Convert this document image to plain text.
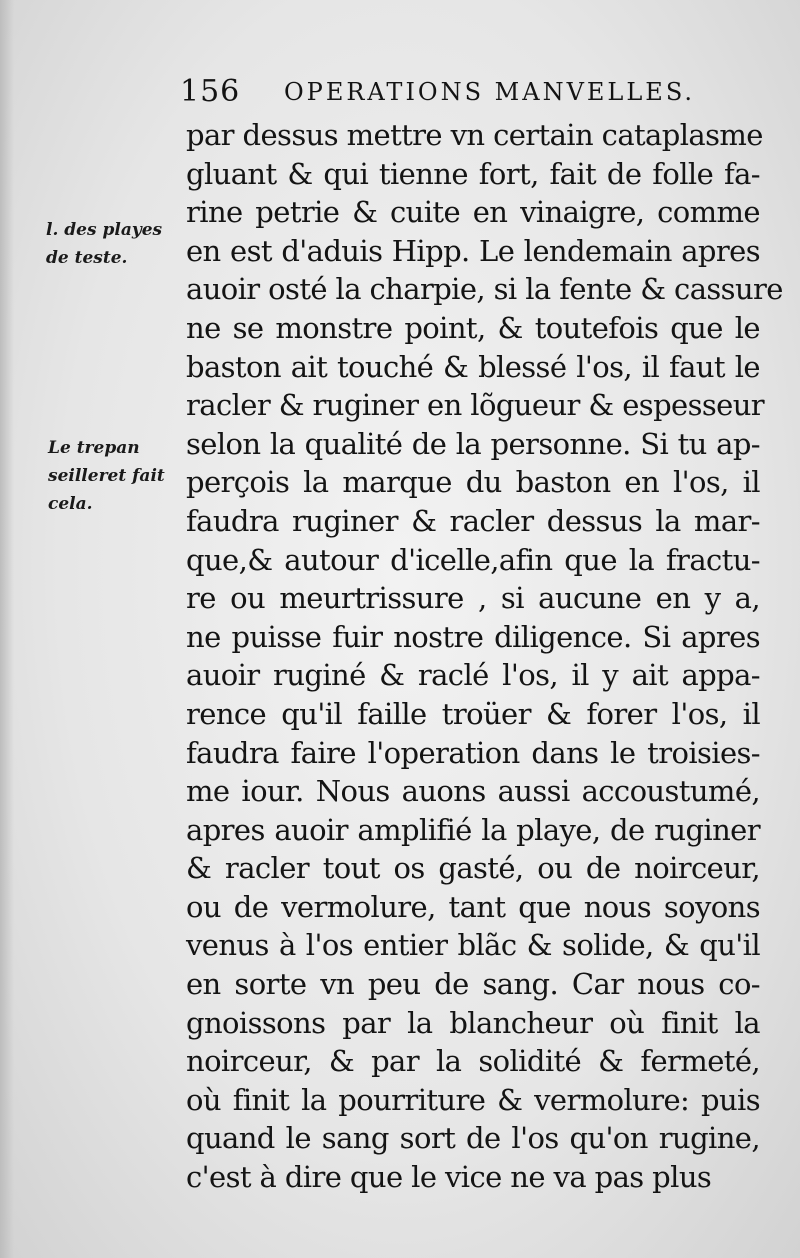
156 OPERATIONS MANVELLES.
l. des playes
de teste.
Le trepan
seilleret fait
cela.
par dessus mettre vn certain cataplasme
gluant & qui tienne fort, fait de folle fa-
rine petrie & cuite en vinaigre, comme
en est d'aduis Hipp. Le lendemain apres
auoir osté la charpie, si la fente & cassure
ne se monstre point, & toutefois que le
baston ait touché & blessé l'os, il faut le
racler & ruginer en lõgueur & espesseur
selon la qualité de la personne. Si tu ap-
perçois la marque du baston en l'os, il
faudra ruginer & racler dessus la mar-
que,& autour d'icelle,afin que la fractu-
re ou meurtrissure , si aucune en y a,
ne puisse fuir nostre diligence. Si apres
auoir ruginé & raclé l'os, il y ait appa-
rence qu'il faille troüer & forer l'os, il
faudra faire l'operation dans le troisies-
me iour. Nous auons aussi accoustumé,
apres auoir amplifié la playe, de ruginer
& racler tout os gasté, ou de noirceur,
ou de vermolure, tant que nous soyons
venus à l'os entier blãc & solide, & qu'il
en sorte vn peu de sang. Car nous co-
gnoissons par la blancheur où finit la
noirceur, & par la solidité & fermeté,
où finit la pourriture & vermolure: puis
quand le sang sort de l'os qu'on rugine,
c'est à dire que le vice ne va pas plus
